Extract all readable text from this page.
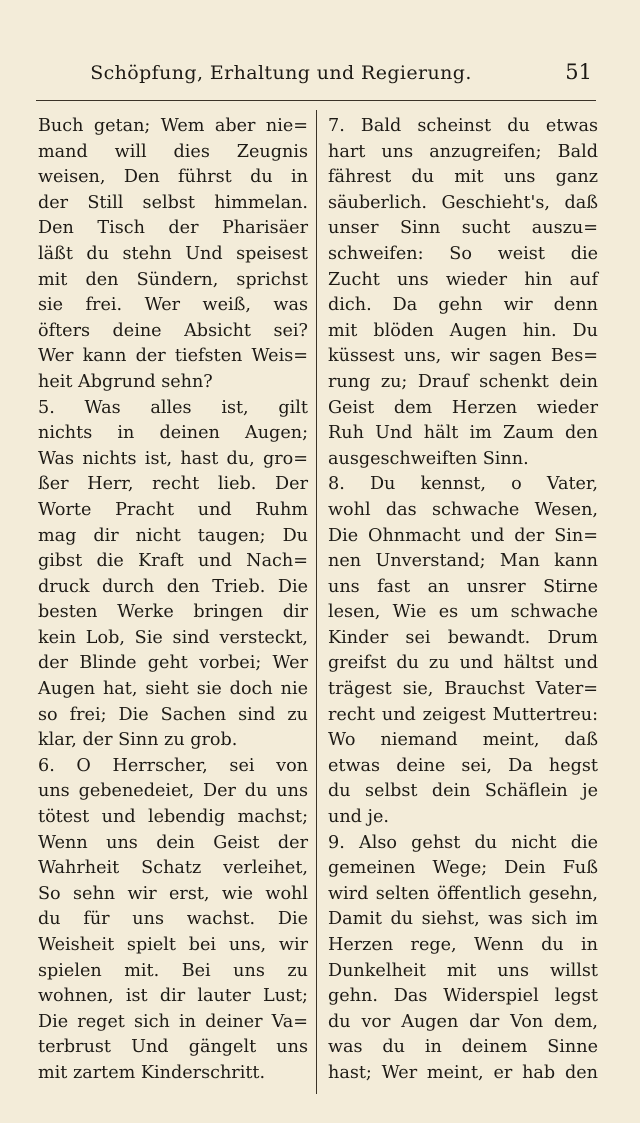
Schöpfung, Erhaltung und Regierung.	51
Buch getan; Wem aber nie=
mand will dies Zeugnis
weisen, Den führst du in
der Still selbst himmelan.
Den Tisch der Pharisäer
läßt du stehn Und speisest
mit den Sündern, sprichst
sie frei. Wer weiß, was
öfters deine Absicht sei?
Wer kann der tiefsten Weis=
heit Abgrund sehn?
5. Was alles ist, gilt
nichts in deinen Augen;
Was nichts ist, hast du, gro=
ßer Herr, recht lieb. Der
Worte Pracht und Ruhm
mag dir nicht taugen; Du
gibst die Kraft und Nach=
druck durch den Trieb. Die
besten Werke bringen dir
kein Lob, Sie sind versteckt,
der Blinde geht vorbei; Wer
Augen hat, sieht sie doch nie
so frei; Die Sachen sind zu
klar, der Sinn zu grob.
6. O Herrscher, sei von
uns gebenedeiet, Der du uns
tötest und lebendig machst;
Wenn uns dein Geist der
Wahrheit Schatz verleihet,
So sehn wir erst, wie wohl
du für uns wachst. Die
Weisheit spielt bei uns, wir
spielen mit. Bei uns zu
wohnen, ist dir lauter Lust;
Die reget sich in deiner Va=
terbrust Und gängelt uns
mit zartem Kinderschritt.
7. Bald scheinst du etwas
hart uns anzugreifen; Bald
fährest du mit uns ganz
säuberlich. Geschieht's, daß
unser Sinn sucht auszu=
schweifen: So weist die
Zucht uns wieder hin auf
dich. Da gehn wir denn
mit blöden Augen hin. Du
küssest uns, wir sagen Bes=
rung zu; Drauf schenkt dein
Geist dem Herzen wieder
Ruh Und hält im Zaum den
ausgeschweiften Sinn.
8. Du kennst, o Vater,
wohl das schwache Wesen,
Die Ohnmacht und der Sin=
nen Unverstand; Man kann
uns fast an unsrer Stirne
lesen, Wie es um schwache
Kinder sei bewandt. Drum
greifst du zu und hältst und
trägest sie, Brauchst Vater=
recht und zeigest Muttertreu:
Wo niemand meint, daß
etwas deine sei, Da hegst
du selbst dein Schäflein je
und je.
9. Also gehst du nicht die
gemeinen Wege; Dein Fuß
wird selten öffentlich gesehn,
Damit du siehst, was sich im
Herzen rege, Wenn du in
Dunkelheit mit uns willst
gehn. Das Widerspiel legst
du vor Augen dar Von dem,
was du in deinem Sinne
hast; Wer meint, er hab den
